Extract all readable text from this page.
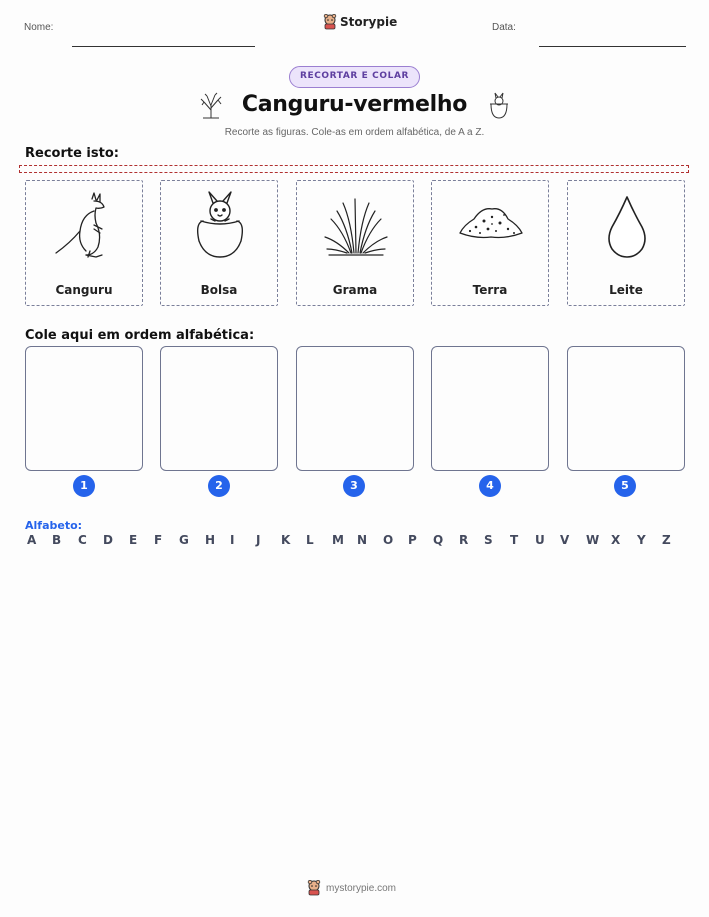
Nome:	Storypie	Data:
RECORTAR E COLAR
Canguru-vermelho
Recorte as figuras. Cole-as em ordem alfabética, de A a Z.
Recorte isto:
Canguru	Bolsa	Grama	Terra	Leite
Cole aqui em ordem alfabética:
1	2	3	4	5
Alfabeto:
A B C D E F G H I J K L M N O P Q R S T U V W X Y Z
mystorypie.com
